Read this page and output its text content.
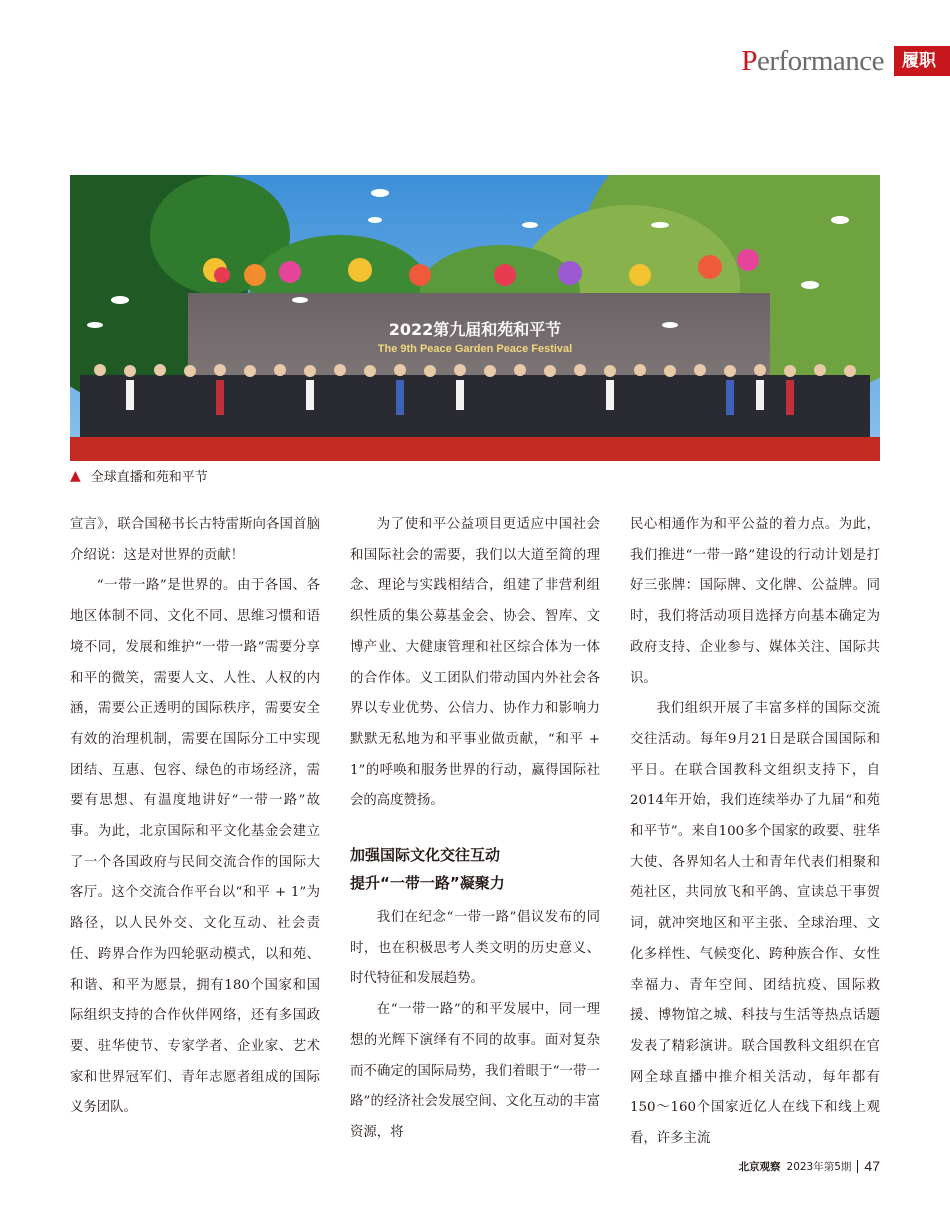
Performance	履职
2022第九届和苑和平节
The 9th Peace Garden Peace Festival
▲ 全球直播和苑和平节

宣言》，联合国秘书长古特雷斯向各国首脑介绍说：这是对世界的贡献！

“一带一路”是世界的。由于各国、各地区体制不同、文化不同、思维习惯和语境不同，发展和维护“一带一路”需要分享和平的微笑，需要人文、人性、人权的内涵，需要公正透明的国际秩序，需要安全有效的治理机制，需要在国际分工中实现团结、互惠、包容、绿色的市场经济，需要有思想、有温度地讲好“一带一路”故事。为此，北京国际和平文化基金会建立了一个各国政府与民间交流合作的国际大客厅。这个交流合作平台以“和平 + 1”为路径，以人民外交、文化互动、社会责任、跨界合作为四轮驱动模式，以和苑、和谐、和平为愿景，拥有180个国家和国际组织支持的合作伙伴网络，还有多国政要、驻华使节、专家学者、企业家、艺术家和世界冠军们、青年志愿者组成的国际义务团队。

为了使和平公益项目更适应中国社会和国际社会的需要，我们以大道至简的理念、理论与实践相结合，组建了非营利组织性质的集公募基金会、协会、智库、文博产业、大健康管理和社区综合体为一体的合作体。义工团队们带动国内外社会各界以专业优势、公信力、协作力和影响力默默无私地为和平事业做贡献，“和平 + 1”的呼唤和服务世界的行动，赢得国际社会的高度赞扬。

加强国际文化交往互动
提升“一带一路”凝聚力

我们在纪念“一带一路”倡议发布的同时，也在积极思考人类文明的历史意义、时代特征和发展趋势。

在“一带一路”的和平发展中，同一理想的光辉下演绎有不同的故事。面对复杂而不确定的国际局势，我们着眼于“一带一路”的经济社会发展空间、文化互动的丰富资源，将

民心相通作为和平公益的着力点。为此，我们推进“一带一路”建设的行动计划是打好三张牌：国际牌、文化牌、公益牌。同时，我们将活动项目选择方向基本确定为政府支持、企业参与、媒体关注、国际共识。

我们组织开展了丰富多样的国际交流交往活动。每年9月21日是联合国国际和平日。在联合国教科文组织支持下，自2014年开始，我们连续举办了九届“和苑和平节”。来自100多个国家的政要、驻华大使、各界知名人士和青年代表们相聚和苑社区，共同放飞和平鸽、宣读总干事贺词，就冲突地区和平主张、全球治理、文化多样性、气候变化、跨种族合作、女性幸福力、青年空间、团结抗疫、国际救援、博物馆之城、科技与生活等热点话题发表了精彩演讲。联合国教科文组织在官网全球直播中推介相关活动，每年都有150～160个国家近亿人在线下和线上观看，许多主流

北京观察 2023年第5期 47
